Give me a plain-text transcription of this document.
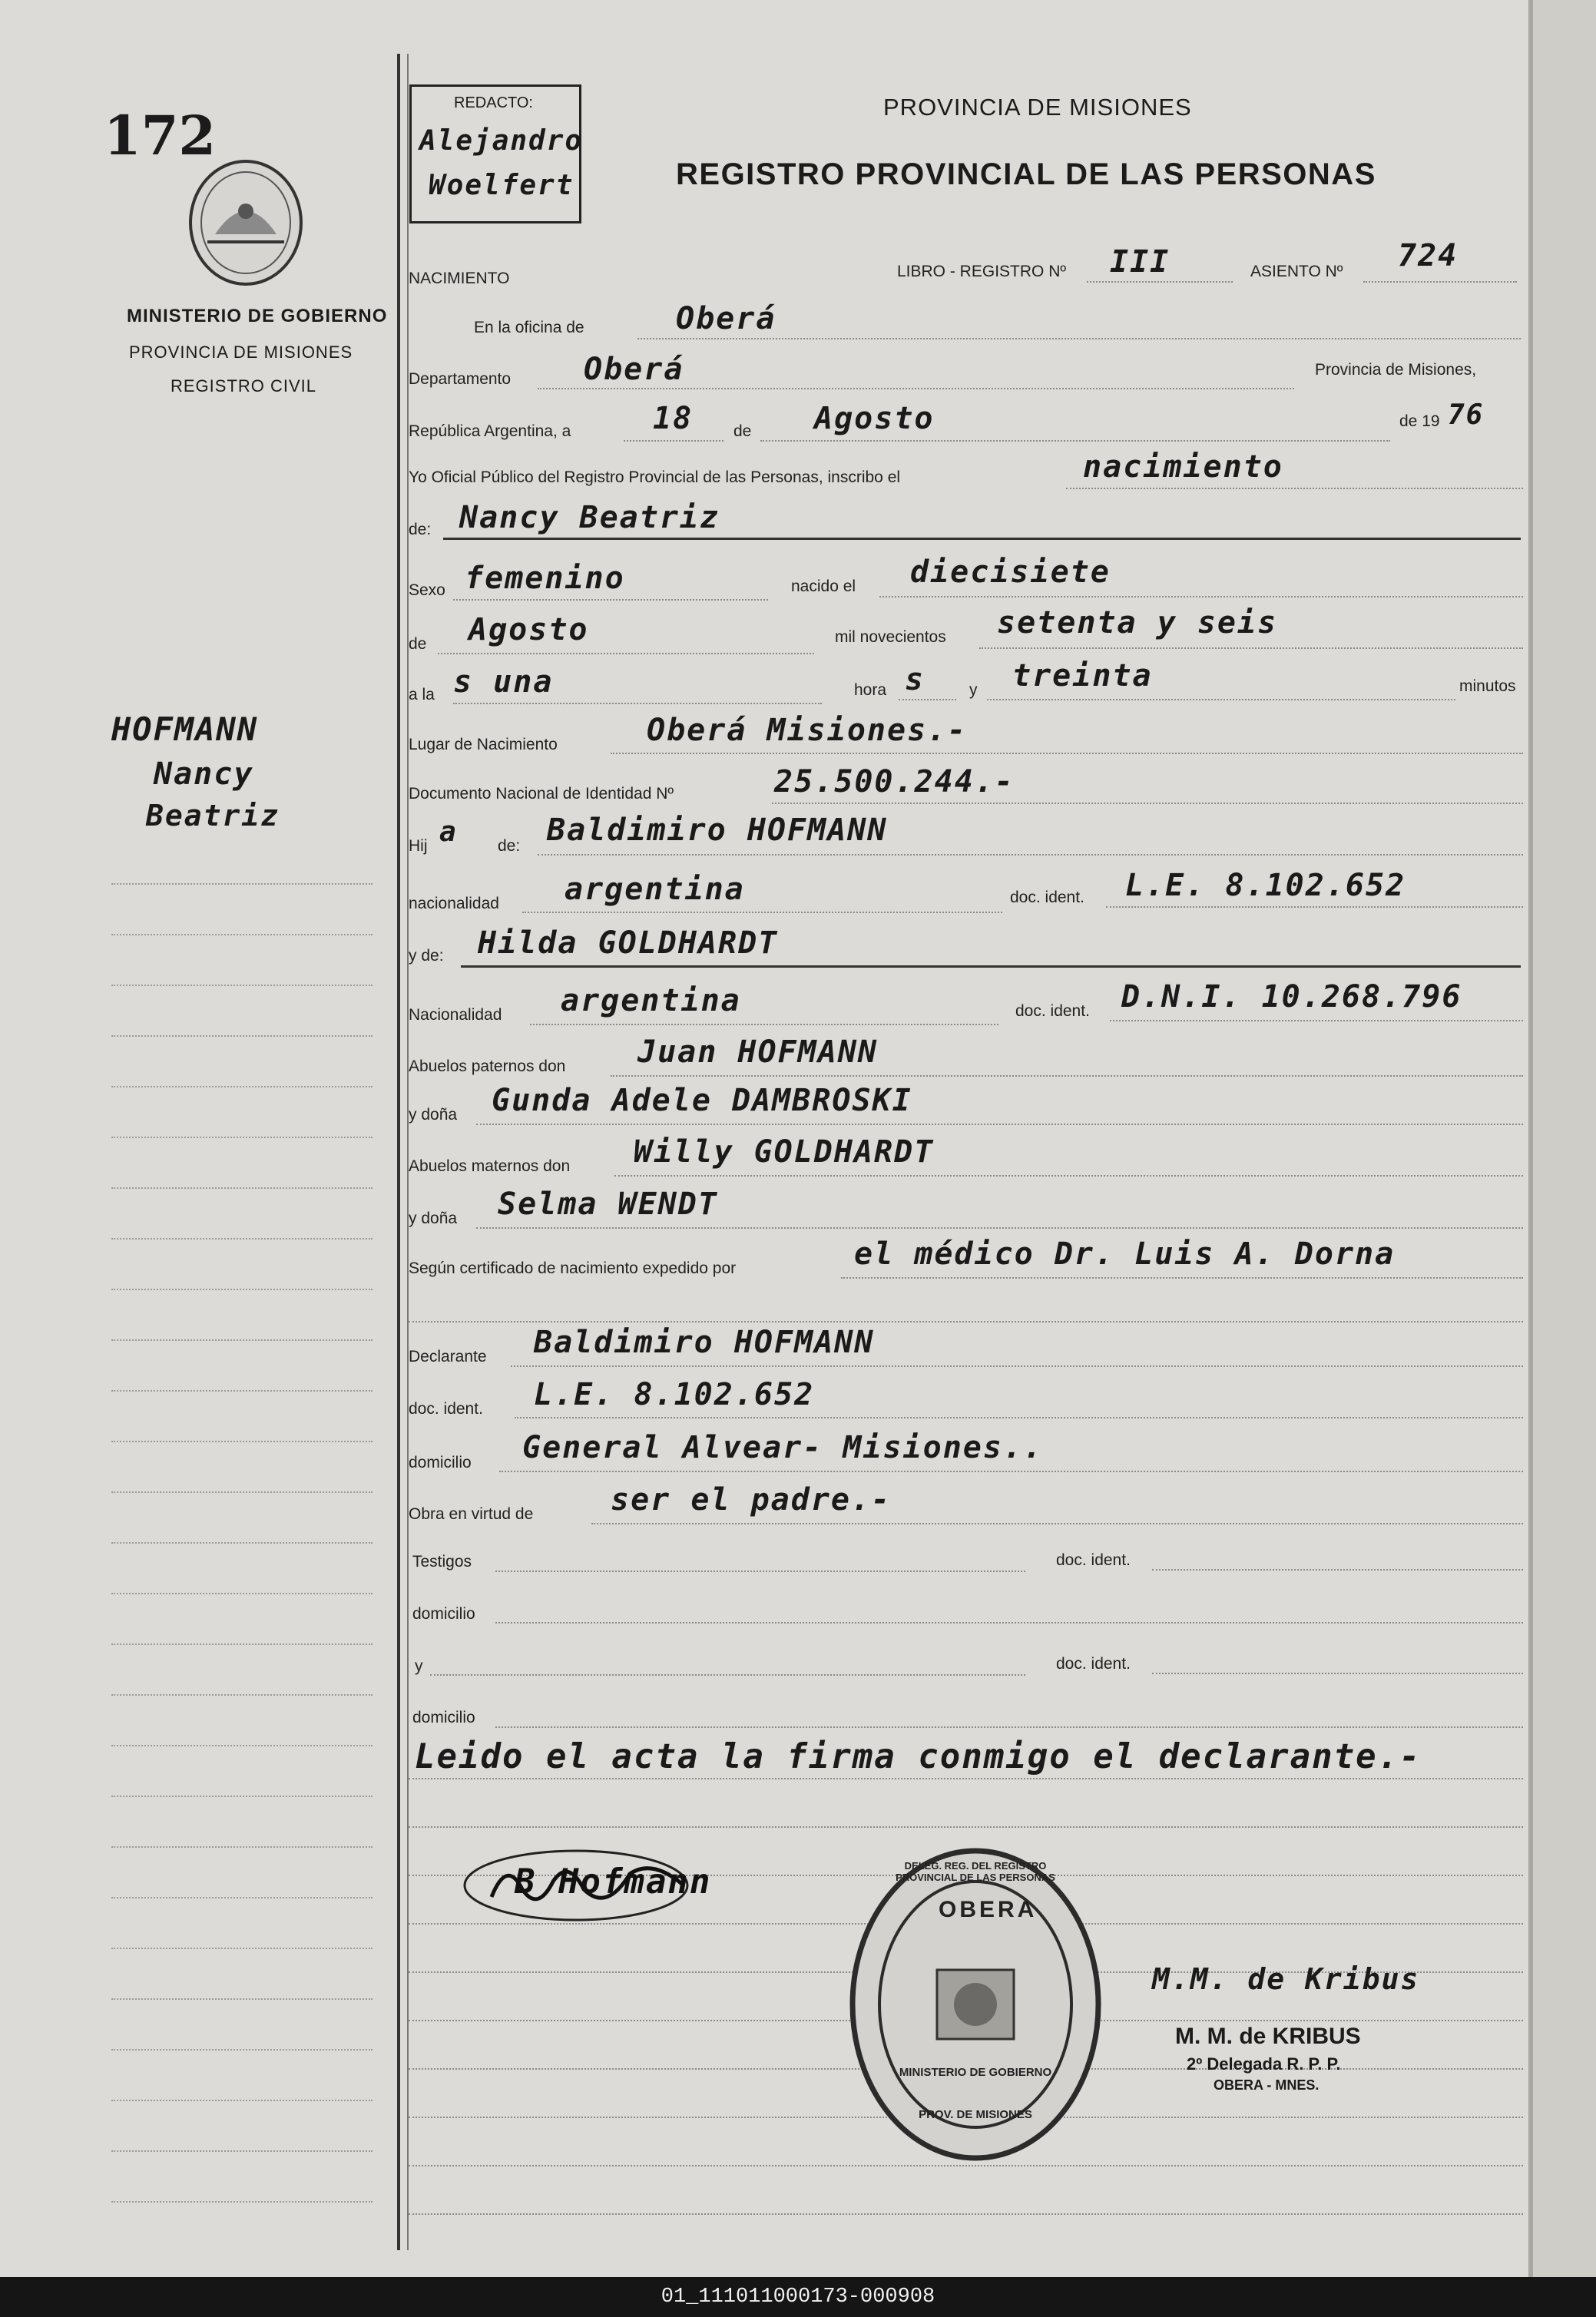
172
MINISTERIO DE GOBIERNO
PROVINCIA DE MISIONES
REGISTRO CIVIL
HOFMANN
Nancy
Beatriz
REDACTO:
Alejandro
Woelfert
PROVINCIA DE MISIONES
REGISTRO PROVINCIAL DE LAS PERSONAS
NACIMIENTO	LIBRO - REGISTRO Nº III	ASIENTO Nº 724
En la oficina de	Oberá
Departamento Oberá	Provincia de Misiones,
República Argentina, a	18	de Agosto	de 19 76
Yo Oficial Público del Registro Provincial de las Personas, inscribo el	nacimiento
de: Nancy Beatriz
Sexo femenino	nacido el diecisiete
de Agosto	mil novecientos setenta y seis
a la s una	hora s	y treinta	minutos
Lugar de Nacimiento	Oberá Misiones.-
Documento Nacional de Identidad Nº	25.500.244.-
Hij a de: Baldimiro HOFMANN
nacionalidad argentina	doc. ident. L.E. 8.102.652
y de: Hilda GOLDHARDT
Nacionalidad argentina	doc. ident. D.N.I. 10.268.796
Abuelos paternos don Juan HOFMANN
y doña Gunda Adele DAMBROSKI
Abuelos maternos don Willy GOLDHARDT
y doña Selma WENDT
Según certificado de nacimiento expedido por	el médico Dr. Luis A. Dorna
Declarante Baldimiro HOFMANN
doc. ident. L.E. 8.102.652
domicilio General Alvear- Misiones..
Obra en virtud de	ser el padre.-
Testigos	doc. ident.
domicilio
y	doc. ident.
domicilio
Leido el acta la firma conmigo el declarante.-
B Hofmann	DELEG. REG. DEL REGISTRO PROVINCIAL DE LAS PERSONAS
OBERA
MINISTERIO DE GOBIERNO
PROV. DE MISIONES
M.M. de Kribus
M. M. de KRIBUS
2º Delegada R. P. P.
OBERA - MNES.
01_111011000173-000908
